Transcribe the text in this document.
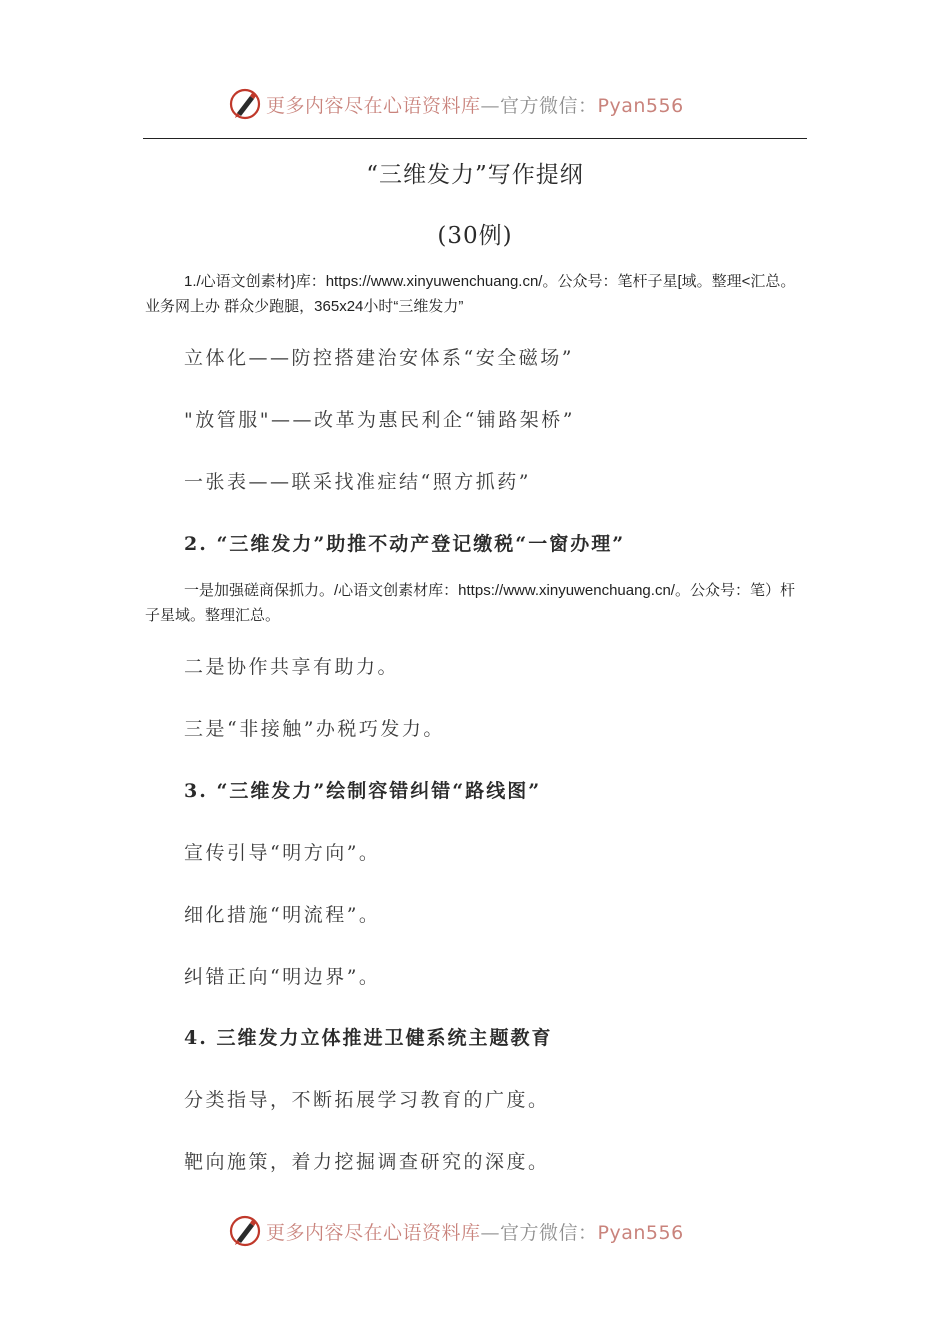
更多内容尽在心语资料库—官方微信：Pyan556
“三维发力”写作提纲
(30例)
1./心语文创素材}库：https://www.xinyuwenchuang.cn/。公众号：笔杆子星[域。整理<汇总。 业务网上办 群众少跑腿，365x24小时“三维发力”
立体化——防控搭建治安体系“安全磁场”
"放管服"——改革为惠民利企“铺路架桥”
一张表——联采找准症结“照方抓药”
2. “三维发力”助推不动产登记缴税“一窗办理”
一是加强磋商保抓力。/心语文创素材库：https://www.xinyuwenchuang.cn/。公众号：笔）杆子星域。整理汇总。
二是协作共享有助力。
三是“非接触”办税巧发力。
3. “三维发力”绘制容错纠错“路线图”
宣传引导“明方向”。
细化措施“明流程”。
纠错正向“明边界”。
4. 三维发力立体推进卫健系统主题教育
分类指导，不断拓展学习教育的广度。
靶向施策，着力挖掘调查研究的深度。
更多内容尽在心语资料库—官方微信：Pyan556
